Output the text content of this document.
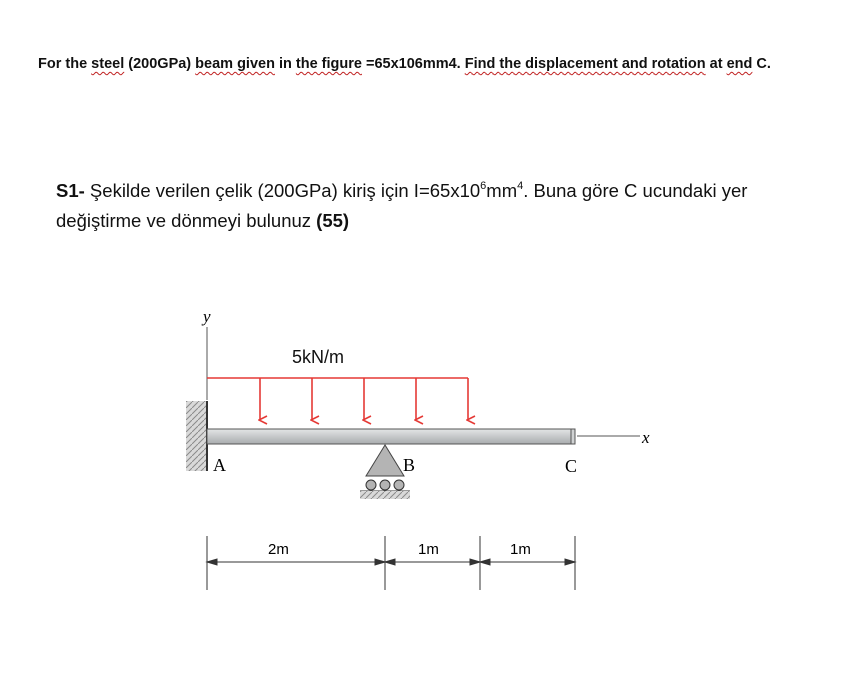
For the steel (200GPa) beam given in the figure =65x106mm4. Find the displacement and rotation at end C.
S1- Şekilde verilen çelik (200GPa) kiriş için $I=65x10^6mm^4$. Buna göre C ucundaki yer değiştirme ve dönmeyi bulunuz (55)
y
5kN/m
x
A	B	C
2m	1m	1m
